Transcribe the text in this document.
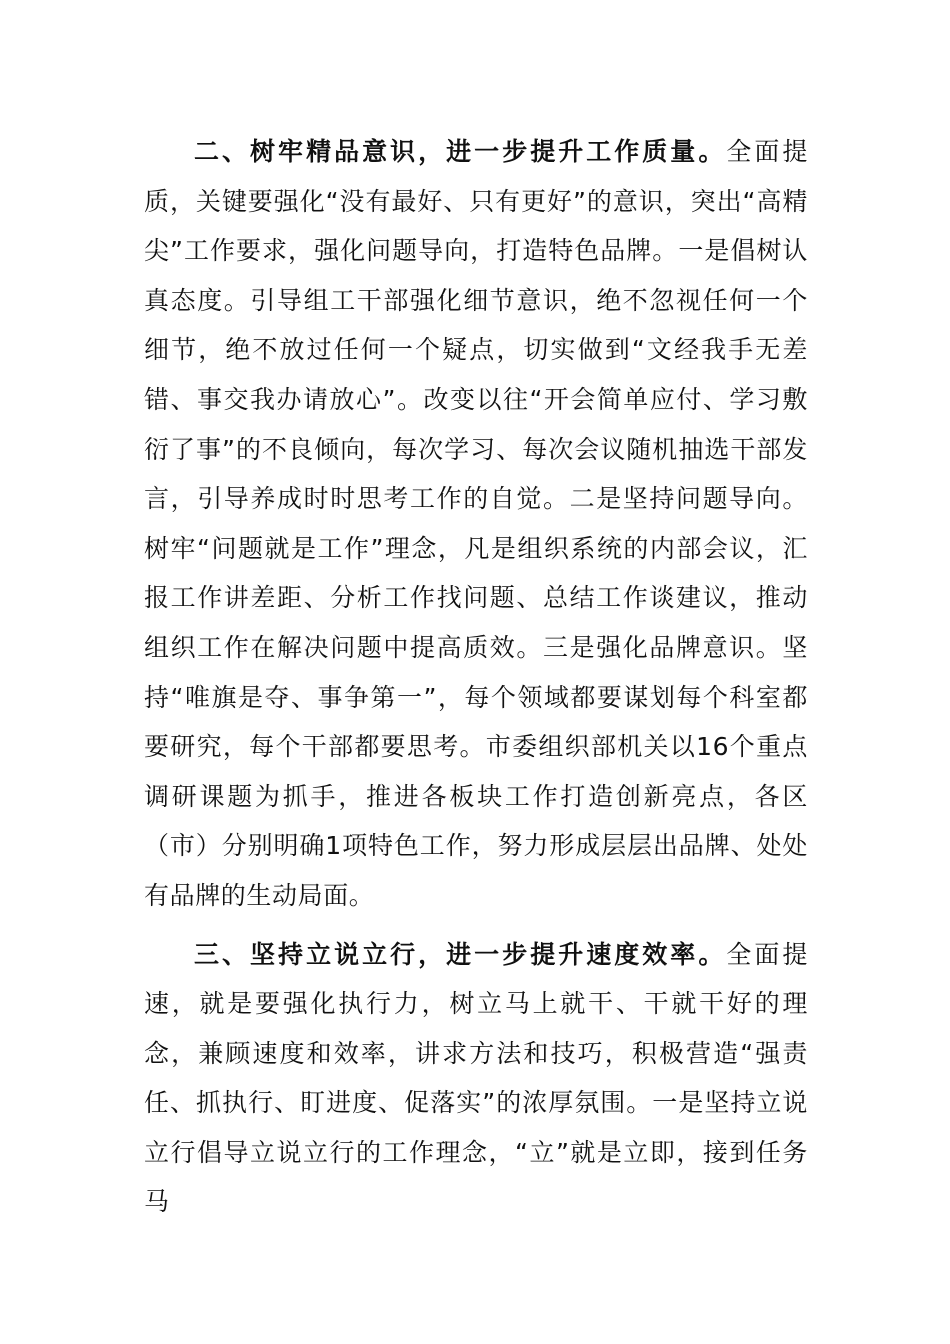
二、树牢精品意识，进一步提升工作质量。全面提质，关键要强化“没有最好、只有更好”的意识，突出“高精尖”工作要求，强化问题导向，打造特色品牌。一是倡树认真态度。引导组工干部强化细节意识，绝不忽视任何一个细节，绝不放过任何一个疑点，切实做到“文经我手无差错、事交我办请放心”。改变以往“开会简单应付、学习敷衍了事”的不良倾向，每次学习、每次会议随机抽选干部发言，引导养成时时思考工作的自觉。二是坚持问题导向。树牢“问题就是工作”理念，凡是组织系统的内部会议，汇报工作讲差距、分析工作找问题、总结工作谈建议，推动组织工作在解决问题中提高质效。三是强化品牌意识。坚持“唯旗是夺、事争第一”，每个领域都要谋划每个科室都要研究，每个干部都要思考。市委组织部机关以16个重点调研课题为抓手，推进各板块工作打造创新亮点，各区（市）分别明确1项特色工作，努力形成层层出品牌、处处有品牌的生动局面。

三、坚持立说立行，进一步提升速度效率。全面提速，就是要强化执行力，树立马上就干、干就干好的理念，兼顾速度和效率，讲求方法和技巧，积极营造“强责任、抓执行、盯进度、促落实”的浓厚氛围。一是坚持立说立行倡导立说立行的工作理念，“立”就是立即，接到任务马
